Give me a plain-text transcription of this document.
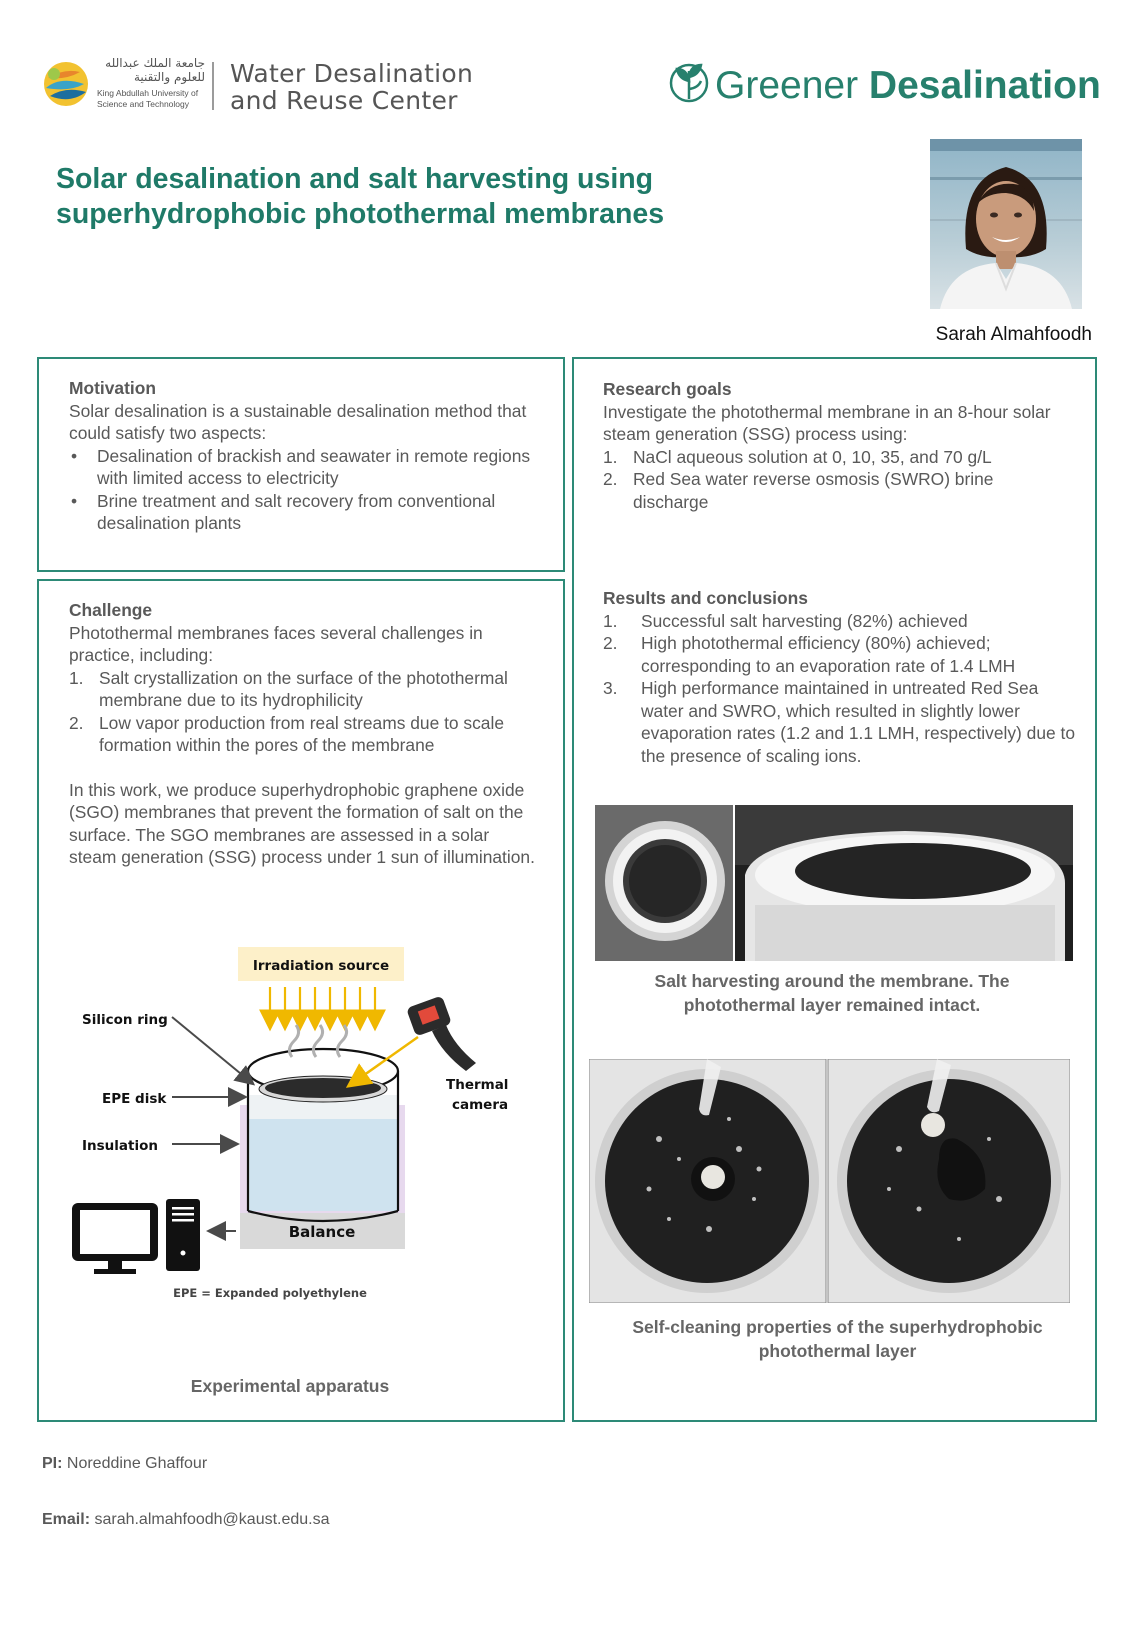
جامعة الملك عبدالله للعلوم والتقنية
King Abdullah University of
Science and Technology
Water Desalination
and Reuse Center	Greener Desalination
Solar desalination and salt harvesting using superhydrophobic photothermal membranes
Sarah Almahfoodh
Motivation

Solar desalination is a sustainable desalination method that could satisfy two aspects:

• Desalination of brackish and seawater in remote regions with limited access to electricity
• Brine treatment and salt recovery from conventional desalination plants
Challenge

Photothermal membranes faces several challenges in practice, including:

1. Salt crystallization on the surface of the photothermal membrane due to its hydrophilicity
2. Low vapor production from real streams due to scale formation within the pores of the membrane

In this work, we produce superhydrophobic graphene oxide (SGO) membranes that prevent the formation of salt on the surface. The SGO membranes are assessed in a solar steam generation (SSG) process under 1 sun of illumination.

Irradiation source
Balance
Silicon ring
EPE disk
Insulation
Thermal
camera
EPE = Expanded polyethylene
Experimental apparatus
Research goals

Investigate the photothermal membrane in an 8-hour solar steam generation (SSG) process using:

1. NaCl aqueous solution at 0, 10, 35, and 70 g/L
2. Red Sea water reverse osmosis (SWRO) brine discharge
Results and conclusions
1. Successful salt harvesting (82%) achieved
2. High photothermal efficiency (80%) achieved; corresponding to an evaporation rate of 1.4 LMH
3. High performance maintained in untreated Red Sea water and SWRO, which resulted in slightly lower evaporation rates (1.2 and 1.1 LMH, respectively) due to the presence of scaling ions.
Salt harvesting around the membrane. The photothermal layer remained intact.
Self-cleaning properties of the superhydrophobic photothermal layer
PI: Noreddine Ghaffour
Email: sarah.almahfoodh@kaust.edu.sa
